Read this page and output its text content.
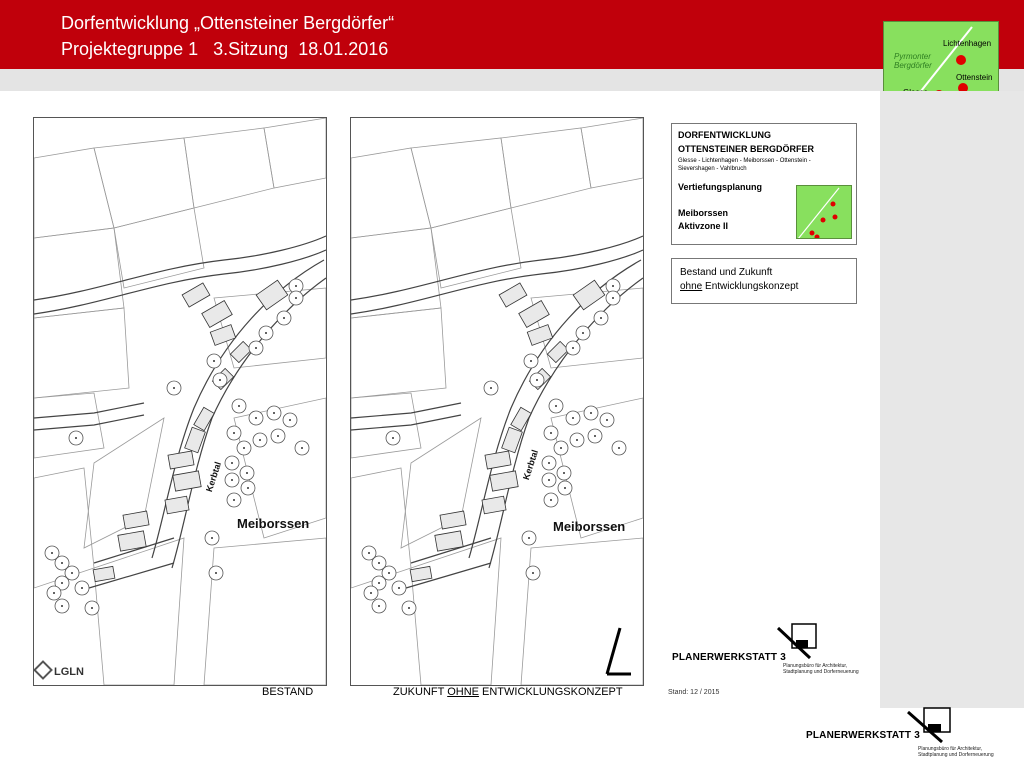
Dorfentwicklung „Ottensteiner Bergdörfer“
Projektegruppe 1 3.Sitzung 18.01.2016	Pyrmonter
Bergdörfer
Lichtenhagen
Ottenstein
Meiborssen
Kerbtal
LGLN
BESTAND
Meiborssen
Kerbtal
ZUKUNFT OHNE ENTWICKLUNGSKONZEPT
DORFENTWICKLUNG
OTTENSTEINER BERGDÖRFER
Glesse - Lichtenhagen - Meiborssen - Ottenstein -
Sievershagen - Vahlbruch
Vertiefungsplanung
Meiborssen
Aktivzone II
Bestand und Zukunft
ohne Entwicklungskonzept
PLANERWERKSTATT 3
Planungsbüro für Architektur,
Stadtplanung und Dorferneuerung
Stand: 12 / 2015
PLANERWERKSTATT 3
Planungsbüro für Architektur,
Stadtplanung und Dorferneuerung
